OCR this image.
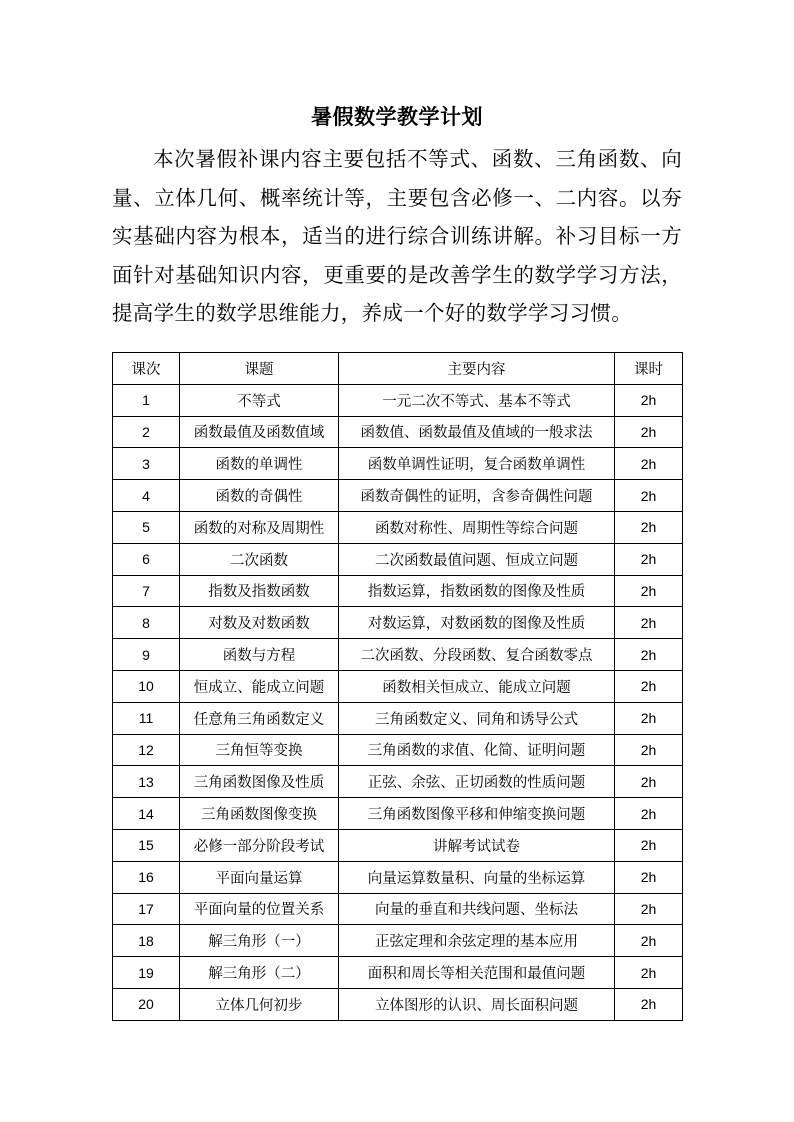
暑假数学教学计划

本次暑假补课内容主要包括不等式、函数、三角函数、向量、立体几何、概率统计等，主要包含必修一、二内容。以夯实基础内容为根本，适当的进行综合训练讲解。补习目标一方面针对基础知识内容，更重要的是改善学生的数学学习方法，提高学生的数学思维能力，养成一个好的数学学习习惯。

课次	课题	主要内容	课时
1	不等式	一元二次不等式、基本不等式	2h
2	函数最值及函数值域	函数值、函数最值及值域的一般求法	2h
3	函数的单调性	函数单调性证明，复合函数单调性	2h
4	函数的奇偶性	函数奇偶性的证明，含参奇偶性问题	2h
5	函数的对称及周期性	函数对称性、周期性等综合问题	2h
6	二次函数	二次函数最值问题、恒成立问题	2h
7	指数及指数函数	指数运算，指数函数的图像及性质	2h
8	对数及对数函数	对数运算，对数函数的图像及性质	2h
9	函数与方程	二次函数、分段函数、复合函数零点	2h
10	恒成立、能成立问题	函数相关恒成立、能成立问题	2h
11	任意角三角函数定义	三角函数定义、同角和诱导公式	2h
12	三角恒等变换	三角函数的求值、化简、证明问题	2h
13	三角函数图像及性质	正弦、余弦、正切函数的性质问题	2h
14	三角函数图像变换	三角函数图像平移和伸缩变换问题	2h
15	必修一部分阶段考试	讲解考试试卷	2h
16	平面向量运算	向量运算数量积、向量的坐标运算	2h
17	平面向量的位置关系	向量的垂直和共线问题、坐标法	2h
18	解三角形（一）	正弦定理和余弦定理的基本应用	2h
19	解三角形（二）	面积和周长等相关范围和最值问题	2h
20	立体几何初步	立体图形的认识、周长面积问题	2h
